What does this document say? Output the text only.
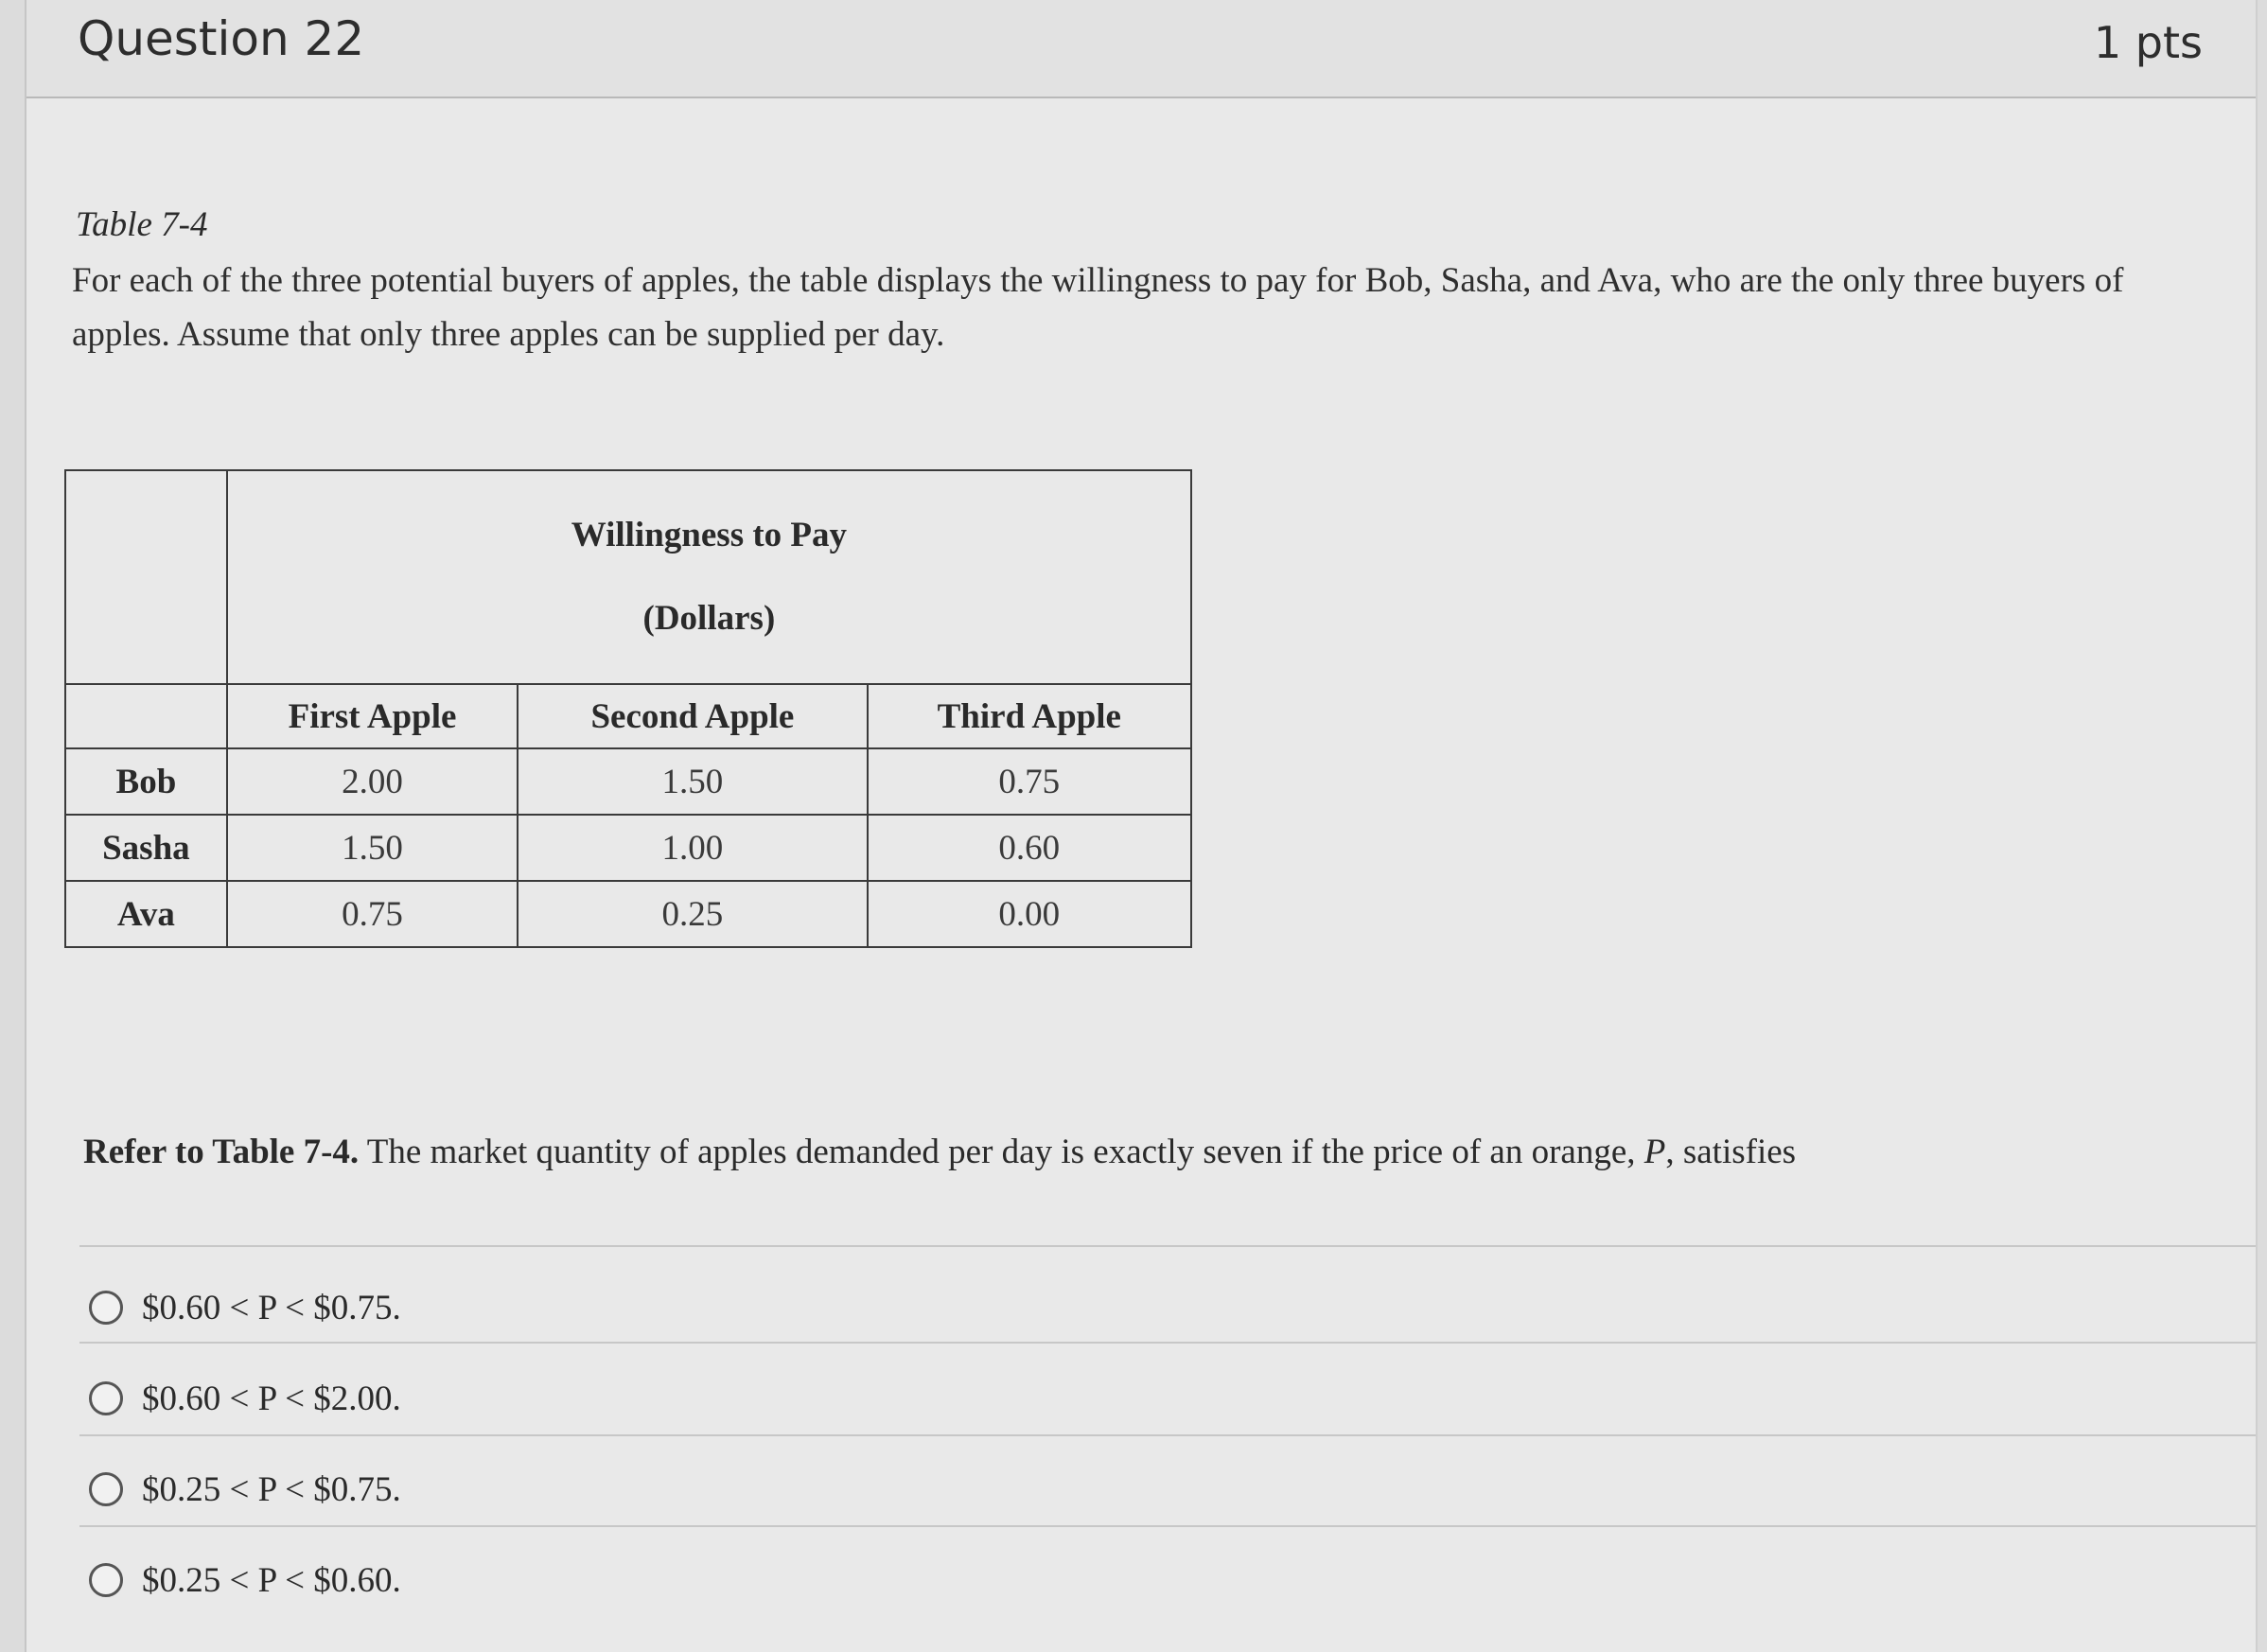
Question 22	1 pts
Table 7-4
For each of the three potential buyers of apples, the table displays the willingness to pay for Bob, Sasha, and Ava, who are the only three buyers of apples. Assume that only three apples can be supplied per day.

	Willingness to Pay
(Dollars)		

	First Apple	Second Apple	Third Apple
Bob	2.00	1.50	0.75
Sasha	1.50	1.00	0.60
Ava	0.75	0.25	0.00
Refer to Table 7-4. The market quantity of apples demanded per day is exactly seven if the price of an orange, P, satisfies
$0.60 < P < $0.75.
$0.60 < P < $2.00.
$0.25 < P < $0.75.
$0.25 < P < $0.60.
